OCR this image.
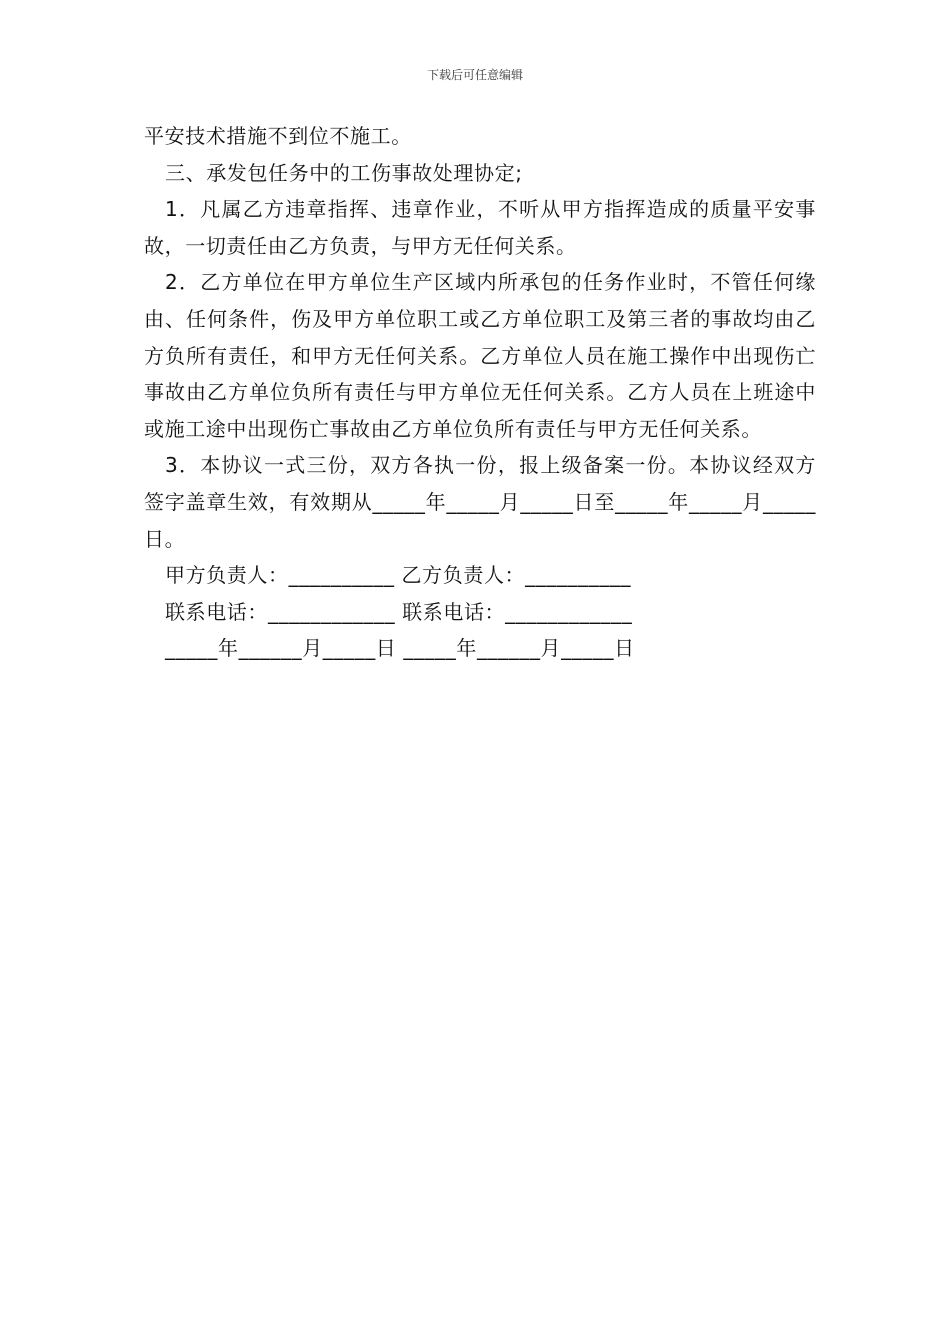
下载后可任意编辑

平安技术措施不到位不施工。

三、承发包任务中的工伤事故处理协定;

1．凡属乙方违章指挥、违章作业，不听从甲方指挥造成的质量平安事故，一切责任由乙方负责，与甲方无任何关系。

2．乙方单位在甲方单位生产区域内所承包的任务作业时，不管任何缘由、任何条件，伤及甲方单位职工或乙方单位职工及第三者的事故均由乙方负所有责任，和甲方无任何关系。乙方单位人员在施工操作中出现伤亡事故由乙方单位负所有责任与甲方单位无任何关系。乙方人员在上班途中或施工途中出现伤亡事故由乙方单位负所有责任与甲方无任何关系。

3．本协议一式三份，双方各执一份，报上级备案一份。本协议经双方签字盖章生效，有效期从_____年_____月_____日至_____年_____月_____日。

甲方负责人：__________ 乙方负责人：__________
联系电话：____________ 联系电话：____________
_____年______月_____日 _____年______月_____日
